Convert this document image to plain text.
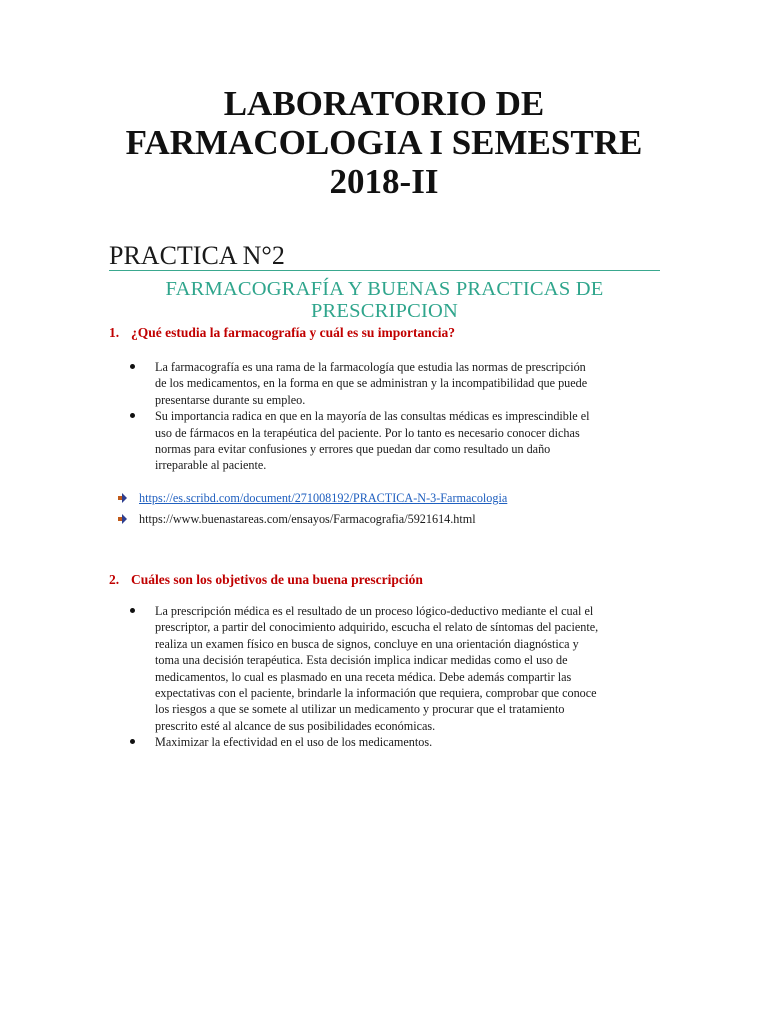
LABORATORIO DE
FARMACOLOGIA I SEMESTRE
2018-II
PRACTICA N°2
FARMACOGRAFÍA Y BUENAS PRACTICAS DE
PRESCRIPCION

1. ¿Qué estudia la farmacografía y cuál es su importancia?

La farmacografía es una rama de la farmacología que estudia las normas de prescripción
de los medicamentos, en la forma en que se administran y la incompatibilidad que puede
presentarse durante su empleo.
Su importancia radica en que en la mayoría de las consultas médicas es imprescindible el
uso de fármacos en la terapéutica del paciente. Por lo tanto es necesario conocer dichas
normas para evitar confusiones y errores que puedan dar como resultado un daño
irreparable al paciente.
https://es.scribd.com/document/271008192/PRACTICA-N-3-Farmacologia
https://www.buenastareas.com/ensayos/Farmacografia/5921614.html

2. Cuáles son los objetivos de una buena prescripción

La prescripción médica es el resultado de un proceso lógico-deductivo mediante el cual el
prescriptor, a partir del conocimiento adquirido, escucha el relato de síntomas del paciente,
realiza un examen físico en busca de signos, concluye en una orientación diagnóstica y
toma una decisión terapéutica. Esta decisión implica indicar medidas como el uso de
medicamentos, lo cual es plasmado en una receta médica. Debe además compartir las
expectativas con el paciente, brindarle la información que requiera, comprobar que conoce
los riesgos a que se somete al utilizar un medicamento y procurar que el tratamiento
prescrito esté al alcance de sus posibilidades económicas.
Maximizar la efectividad en el uso de los medicamentos.
